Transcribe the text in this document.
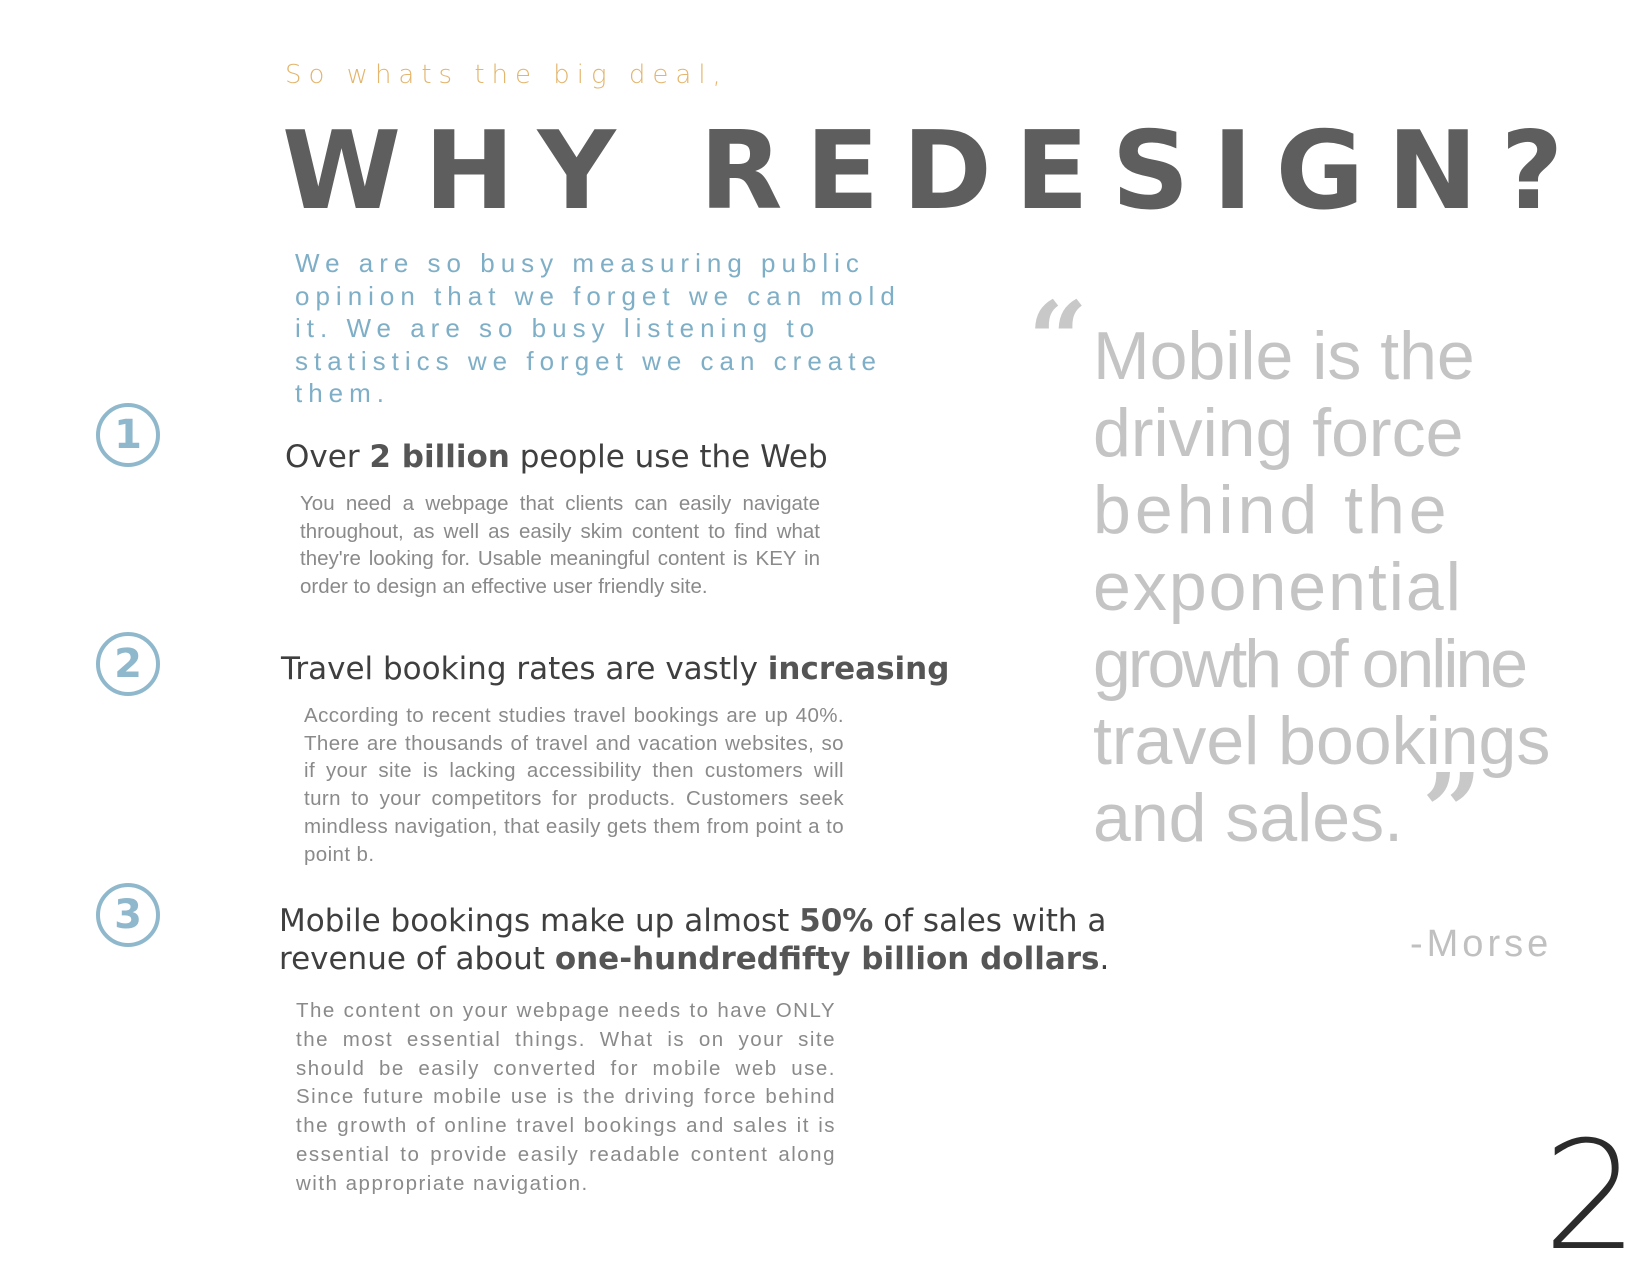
So whats the big deal,

WHY REDESIGN?

We are so busy measuring public opinion that we forget we can mold it. We are so busy listening to statistics we forget we can create them.

1	Over 2 billion people use the Web

You need a webpage that clients can easily navigate throughout, as well as easily skim content to find what they're looking for. Usable meaningful content is KEY in order to design an effective user friendly site.

2	Travel booking rates are vastly increasing

According to recent studies travel bookings are up 40%. There are thousands of travel and vacation websites, so if your site is lacking accessibility then customers will turn to your competitors for products. Customers seek mindless navigation, that easily gets them from point a to point b.

3	Mobile bookings make up almost 50% of sales with a
revenue of about one-hundredfifty billion dollars.

The content on your webpage needs to have ONLY the most essential things. What is on your site should be easily converted for mobile web use. Since future mobile use is the driving force behind the growth of online travel bookings and sales it is essential to provide easily readable content along with appropriate navigation.

“ Mobile is the
driving force
behind the
exponential
growth of online
travel bookings
and sales. ”

-Morse

2
